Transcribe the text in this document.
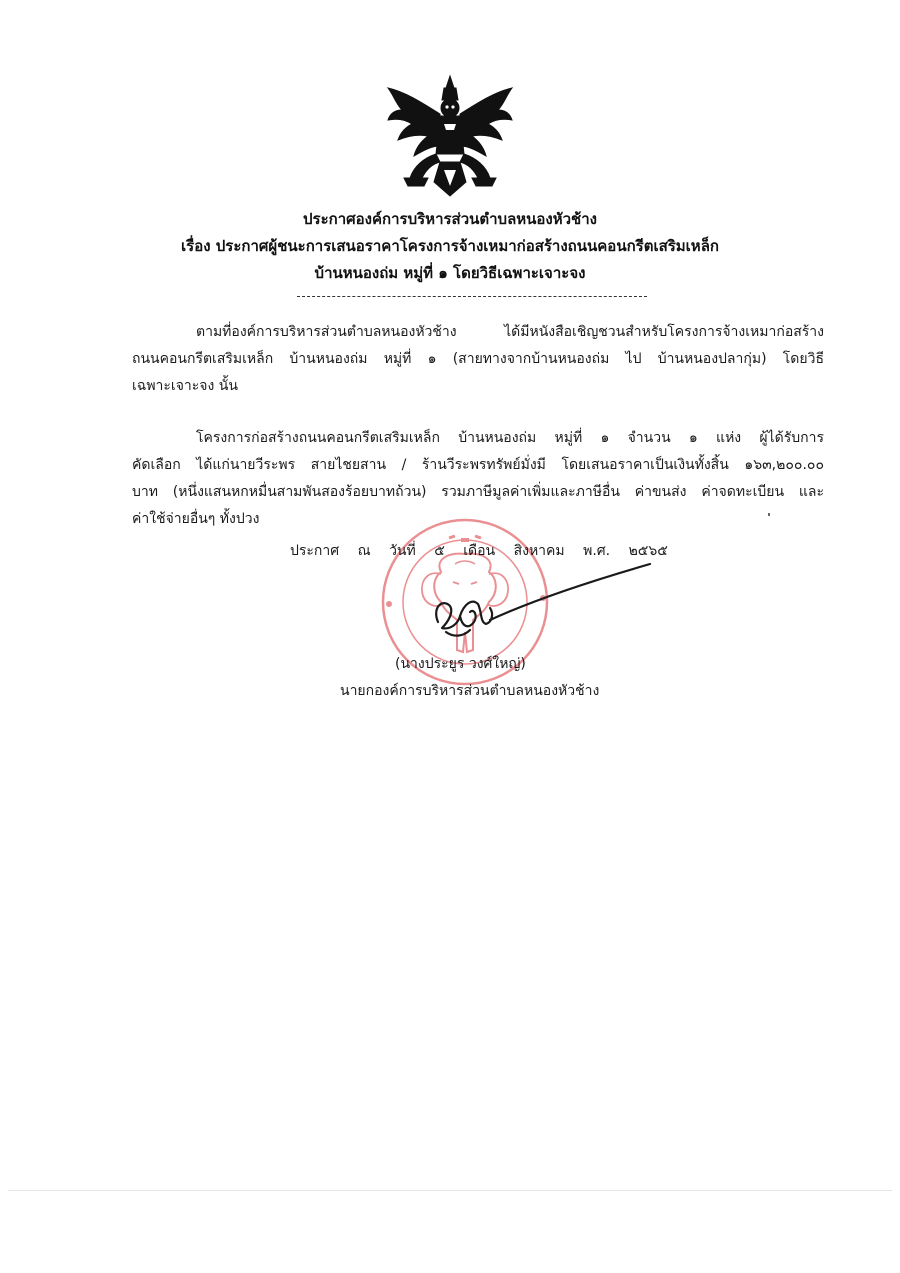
ประกาศองค์การบริหารส่วนตำบลหนองหัวช้าง
เรื่อง ประกาศผู้ชนะการเสนอราคาโครงการจ้างเหมาก่อสร้างถนนคอนกรีตเสริมเหล็ก
บ้านหนองถ่ม หมู่ที่ ๑ โดยวิธีเฉพาะเจาะจง
ตามที่องค์การบริหารส่วนตำบลหนองหัวช้าง ได้มีหนังสือเชิญชวนสำหรับโครงการจ้างเหมาก่อสร้าง
ถนนคอนกรีตเสริมเหล็ก บ้านหนองถ่ม หมู่ที่ ๑ (สายทางจากบ้านหนองถ่ม ไป บ้านหนองปลากุ่ม) โดยวิธี
เฉพาะเจาะจง นั้น
โครงการก่อสร้างถนนคอนกรีตเสริมเหล็ก บ้านหนองถ่ม หมู่ที่ ๑ จำนวน ๑ แห่ง ผู้ได้รับการ
คัดเลือก ได้แก่นายวีระพร สายไชยสาน / ร้านวีระพรทรัพย์มั่งมี โดยเสนอราคาเป็นเงินทั้งสิ้น ๑๖๓,๒๐๐.๐๐
บาท (หนึ่งแสนหกหมื่นสามพันสองร้อยบาทถ้วน) รวมภาษีมูลค่าเพิ่มและภาษีอื่น ค่าขนส่ง ค่าจดทะเบียน และ
ค่าใช้จ่ายอื่นๆ ทั้งปวง
ประกาศ ณ วันที่ ๕ เดือน สิงหาคม พ.ศ. ๒๕๖๕
(นางประยูร วงศ์ใหญ่)
นายกองค์การบริหารส่วนตำบลหนองหัวช้าง
